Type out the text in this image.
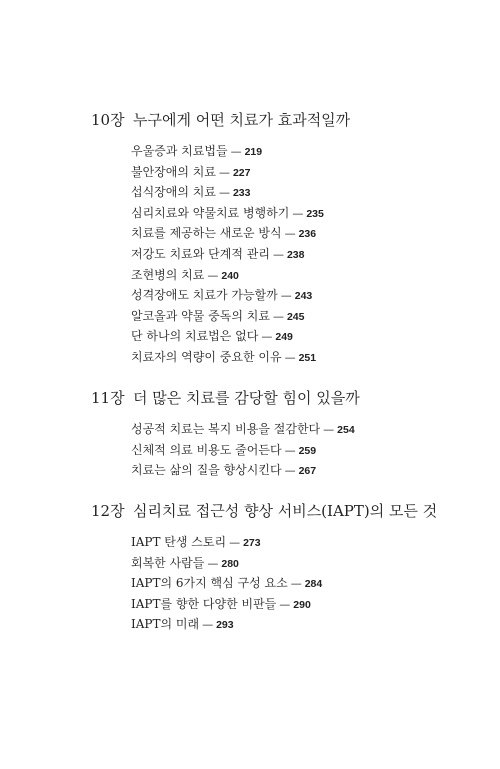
10장 누구에게 어떤 치료가 효과적일까
우울증과 치료법들 — 219
불안장애의 치료 — 227
섭식장애의 치료 — 233
심리치료와 약물치료 병행하기 — 235
치료를 제공하는 새로운 방식 — 236
저강도 치료와 단계적 관리 — 238
조현병의 치료 — 240
성격장애도 치료가 가능할까 — 243
알코올과 약물 중독의 치료 — 245
단 하나의 치료법은 없다 — 249
치료자의 역량이 중요한 이유 — 251
11장 더 많은 치료를 감당할 힘이 있을까
성공적 치료는 복지 비용을 절감한다 — 254
신체적 의료 비용도 줄어든다 — 259
치료는 삶의 질을 향상시킨다 — 267
12장 심리치료 접근성 향상 서비스(IAPT)의 모든 것
IAPT 탄생 스토리 — 273
회복한 사람들 — 280
IAPT의 6가지 핵심 구성 요소 — 284
IAPT를 향한 다양한 비판들 — 290
IAPT의 미래 — 293
